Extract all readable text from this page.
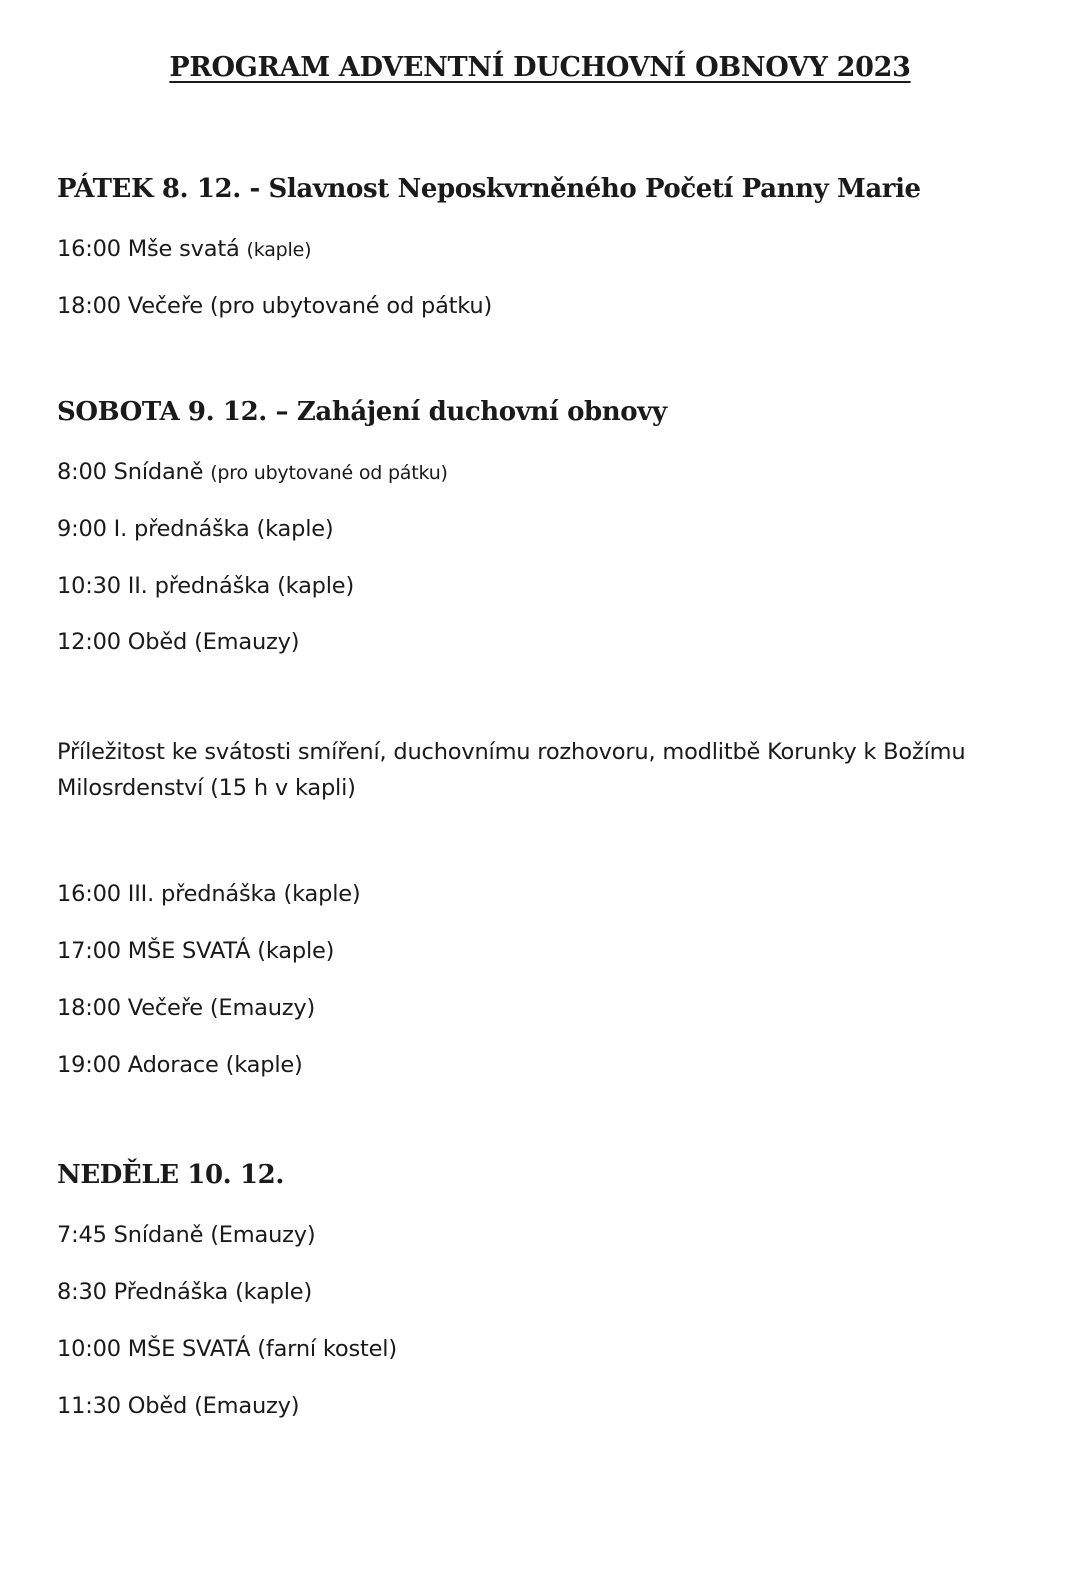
PROGRAM ADVENTNÍ DUCHOVNÍ OBNOVY 2023
PÁTEK 8. 12. - Slavnost Neposkvrněného Početí Panny Marie

16:00 Mše svatá (kaple)

18:00 Večeře (pro ubytované od pátku)

SOBOTA 9. 12. – Zahájení duchovní obnovy

8:00 Snídaně (pro ubytované od pátku)

9:00 I. přednáška (kaple)

10:30 II. přednáška (kaple)

12:00 Oběd (Emauzy)

Příležitost ke svátosti smíření, duchovnímu rozhovoru, modlitbě Korunky k Božímu Milosrdenství (15 h v kapli)

16:00 III. přednáška (kaple)

17:00 MŠE SVATÁ (kaple)

18:00 Večeře (Emauzy)

19:00 Adorace (kaple)

NEDĚLE 10. 12.

7:45 Snídaně (Emauzy)

8:30 Přednáška (kaple)

10:00 MŠE SVATÁ (farní kostel)

11:30 Oběd (Emauzy)
